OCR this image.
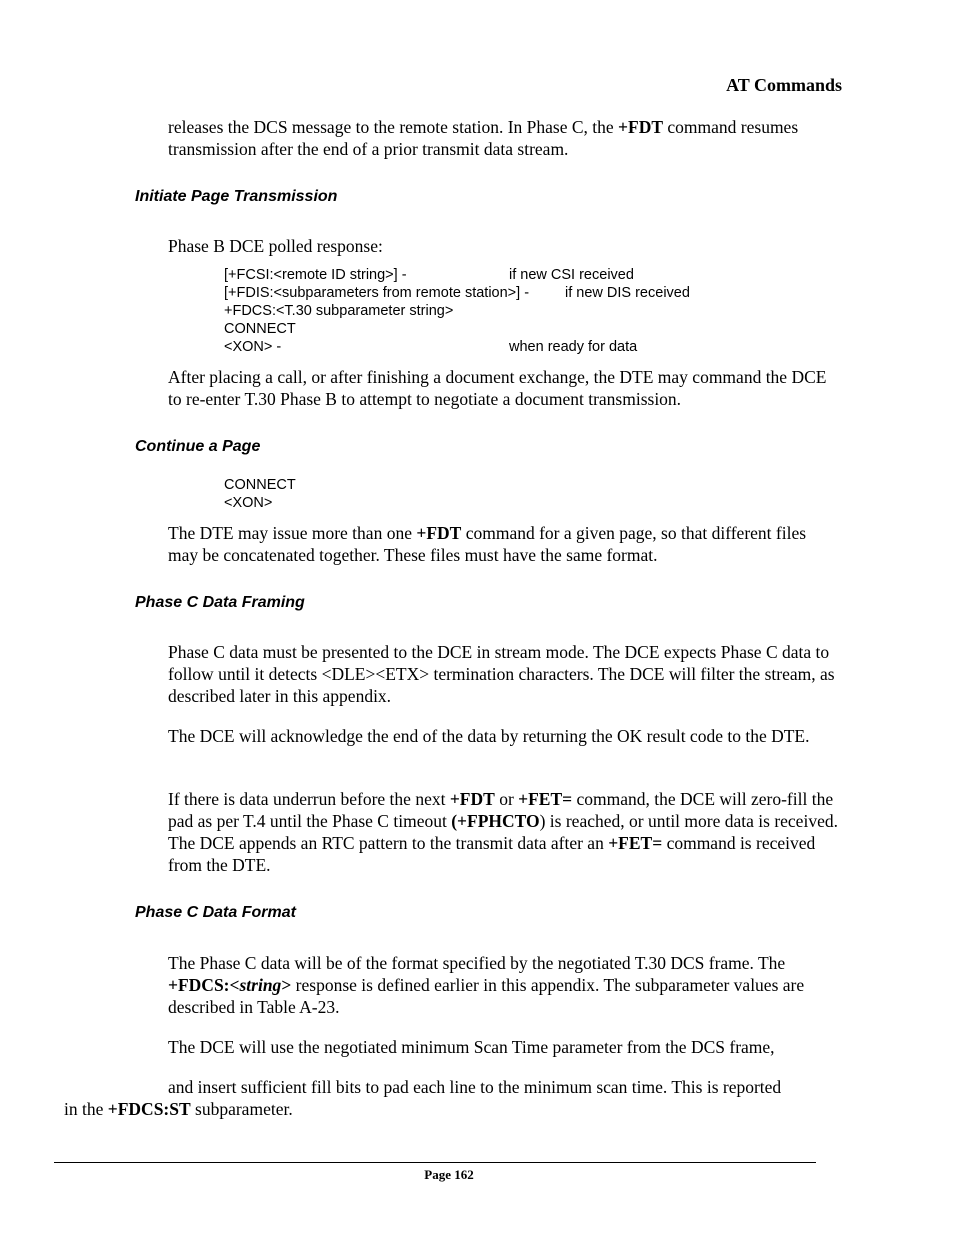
AT Commands

releases the DCS message to the remote station. In Phase C, the +FDT command resumes transmission after the end of a prior transmit data stream.

Initiate Page Transmission

Phase B DCE polled response:

[+FCSI:<remote ID string>] -	if new CSI received
[+FDIS:<subparameters from remote station>] - if new DIS received
+FDCS:<T.30 subparameter string>
CONNECT
<XON> -	when ready for data

After placing a call, or after finishing a document exchange, the DTE may command the DCE to re-enter T.30 Phase B to attempt to negotiate a document transmission.

Continue a Page
CONNECT
<XON>

The DTE may issue more than one +FDT command for a given page, so that different files may be concatenated together. These files must have the same format.

Phase C Data Framing

Phase C data must be presented to the DCE in stream mode. The DCE expects Phase C data to follow until it detects <DLE><ETX> termination characters. The DCE will filter the stream, as described later in this appendix.

The DCE will acknowledge the end of the data by returning the OK result code to the DTE.

If there is data underrun before the next +FDT or +FET= command, the DCE will zero-fill the pad as per T.4 until the Phase C timeout (+FPHCTO) is reached, or until more data is received. The DCE appends an RTC pattern to the transmit data after an +FET= command is received from the DTE.

Phase C Data Format

The Phase C data will be of the format specified by the negotiated T.30 DCS frame. The +FDCS:<string> response is defined earlier in this appendix. The subparameter values are described in Table A-23.

The DCE will use the negotiated minimum Scan Time parameter from the DCS frame,

and insert sufficient fill bits to pad each line to the minimum scan time. This is reported
in the +FDCS:ST subparameter.
Page 162
